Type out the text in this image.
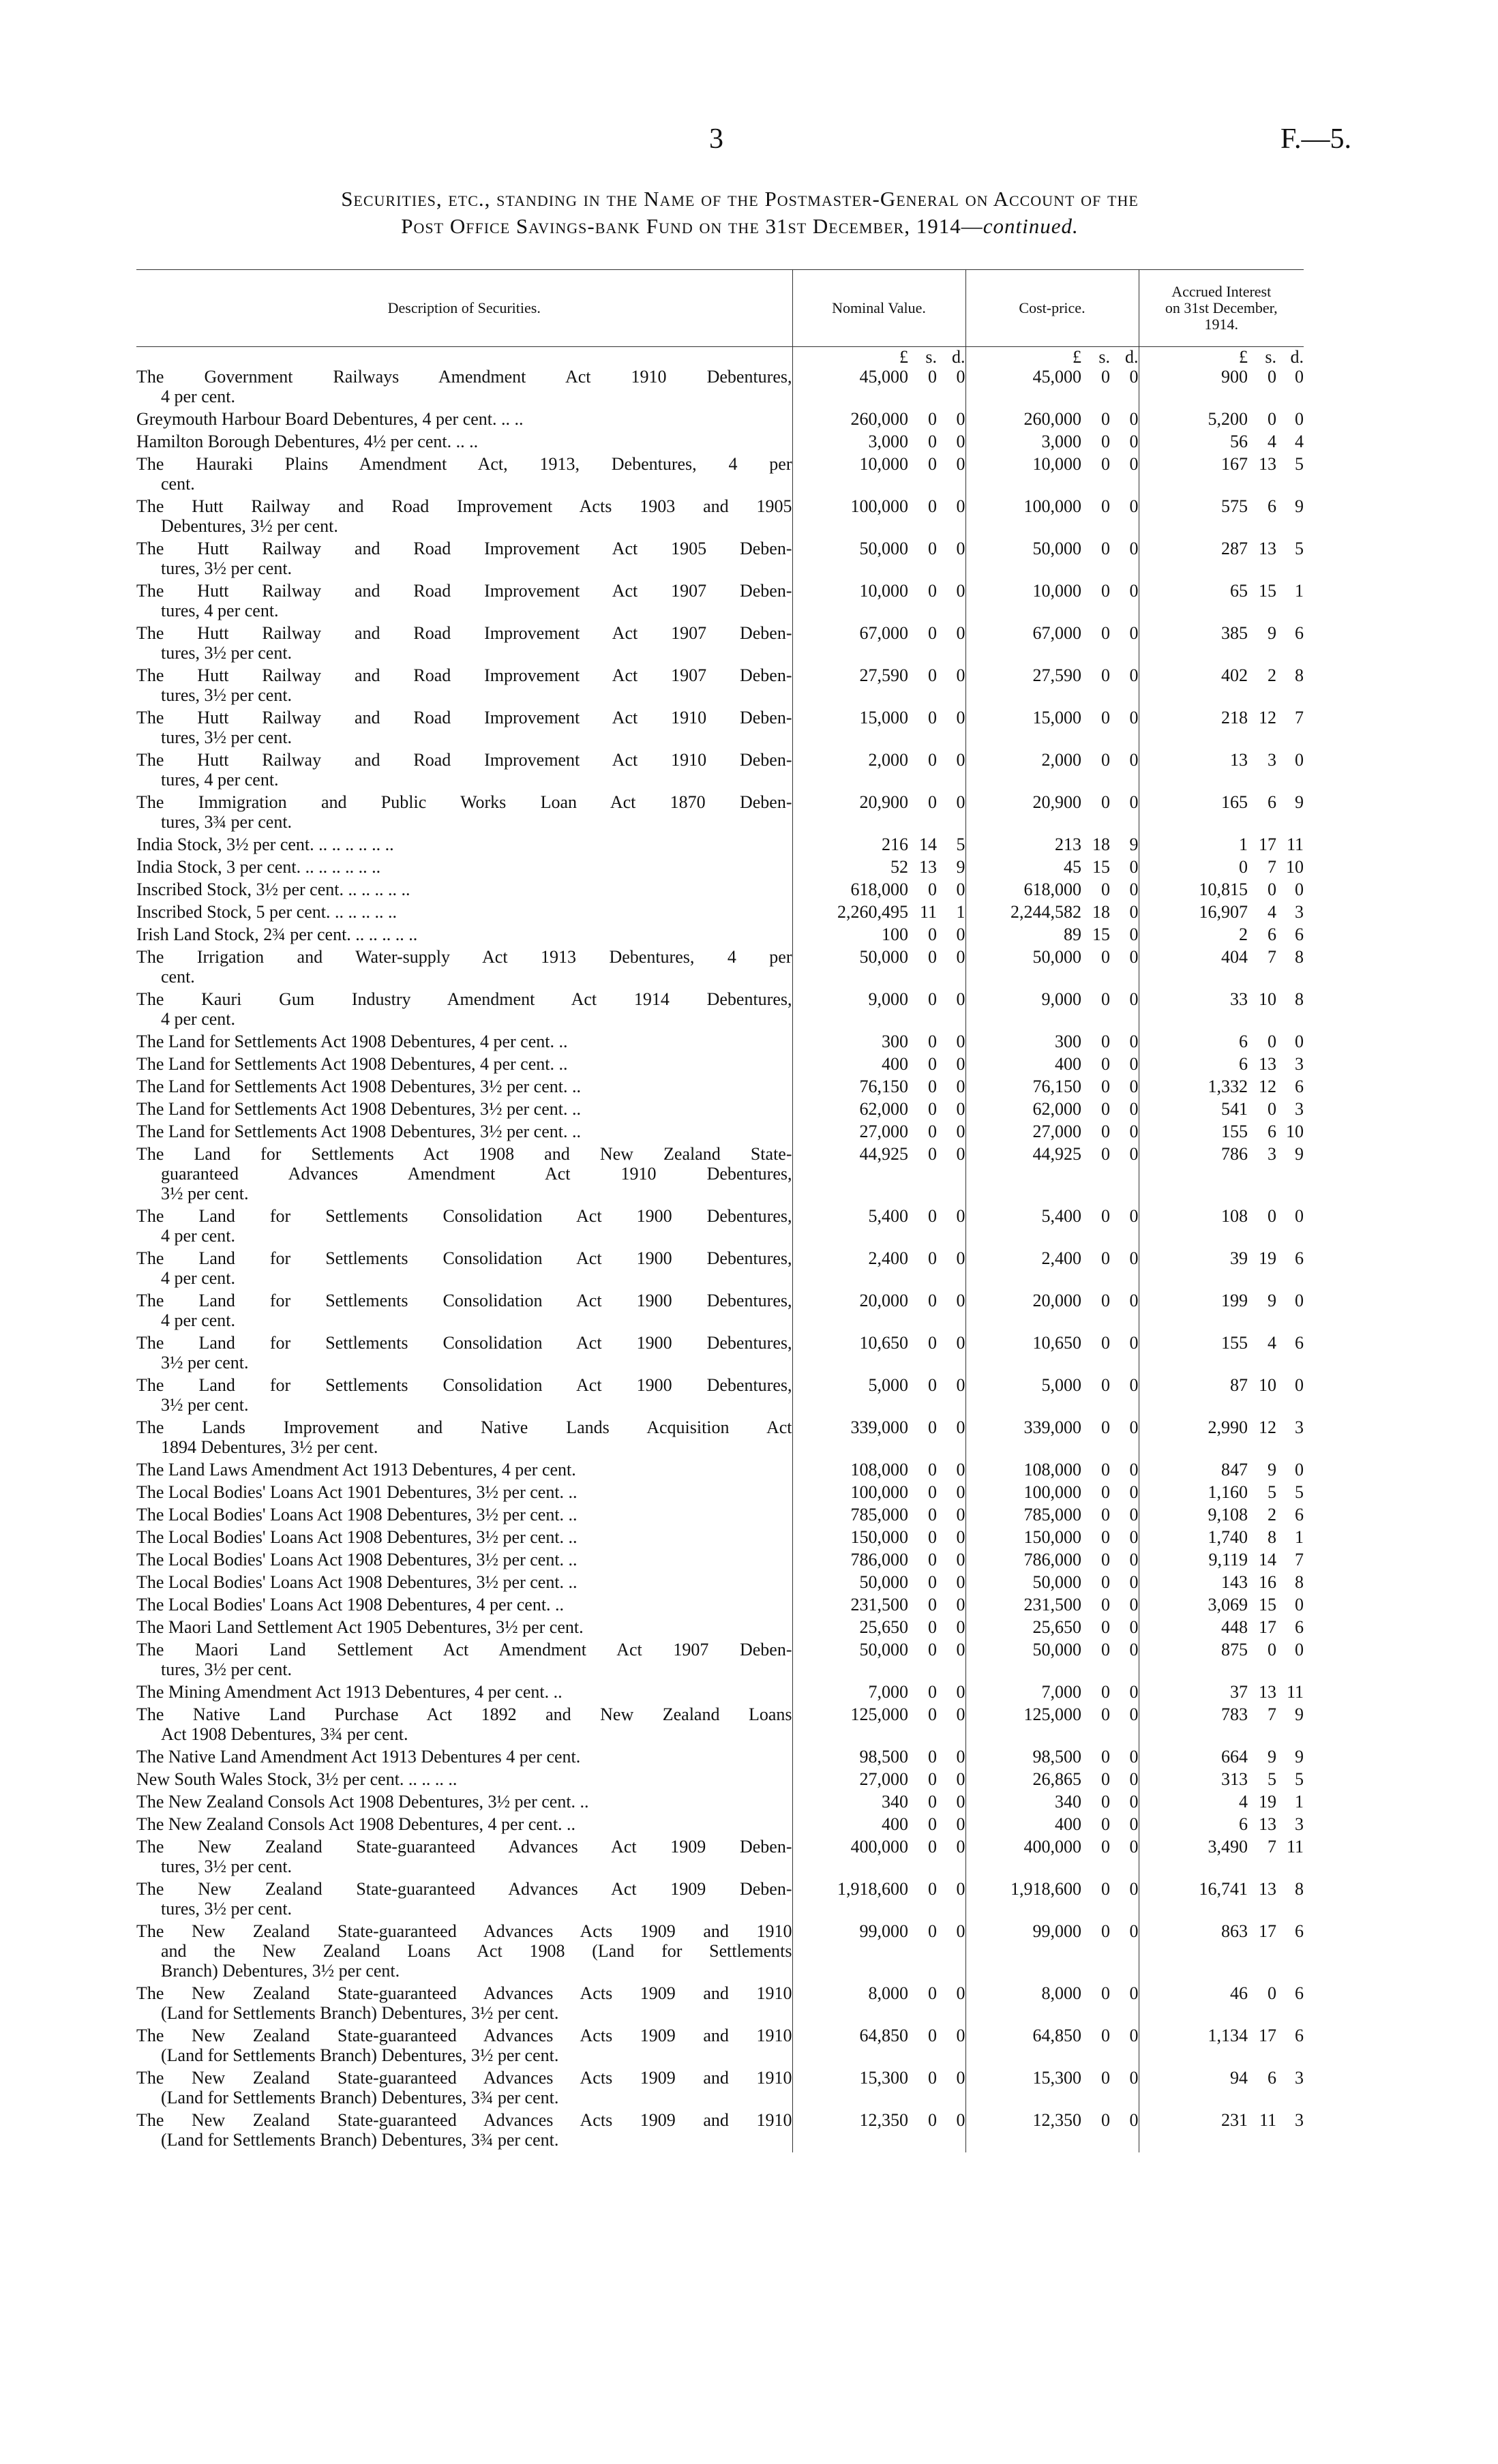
3	F.—5.
Securities, etc., standing in the Name of the Postmaster-General on Account of the
Post Office Savings-bank Fund on the 31st December, 1914—continued.
Description of Securities.	Nominal Value.			Cost-price.			Accrued Interest
on 31st December,
1914.		

	£	s.	d.	£	s.	d.	£	s.	d.

The Government Railways Amendment Act 1910 Debentures,
4 per cent.	45,000	0	0	45,000	0	0	900	0	0

Greymouth Harbour Board Debentures, 4 per cent. .. ..	260,000	0	0	260,000	0	0	5,200	0	0

Hamilton Borough Debentures, 4½ per cent. .. ..	3,000	0	0	3,000	0	0	56	4	4

The Hauraki Plains Amendment Act, 1913, Debentures, 4 per
cent.	10,000	0	0	10,000	0	0	167	13	5

The Hutt Railway and Road Improvement Acts 1903 and 1905
Debentures, 3½ per cent.	100,000	0	0	100,000	0	0	575	6	9

The Hutt Railway and Road Improvement Act 1905 Deben-
tures, 3½ per cent.	50,000	0	0	50,000	0	0	287	13	5

The Hutt Railway and Road Improvement Act 1907 Deben-
tures, 4 per cent.	10,000	0	0	10,000	0	0	65	15	1

The Hutt Railway and Road Improvement Act 1907 Deben-
tures, 3½ per cent.	67,000	0	0	67,000	0	0	385	9	6

The Hutt Railway and Road Improvement Act 1907 Deben-
tures, 3½ per cent.	27,590	0	0	27,590	0	0	402	2	8

The Hutt Railway and Road Improvement Act 1910 Deben-
tures, 3½ per cent.	15,000	0	0	15,000	0	0	218	12	7

The Hutt Railway and Road Improvement Act 1910 Deben-
tures, 4 per cent.	2,000	0	0	2,000	0	0	13	3	0

The Immigration and Public Works Loan Act 1870 Deben-
tures, 3¾ per cent.	20,900	0	0	20,900	0	0	165	6	9

India Stock, 3½ per cent. .. .. .. .. .. ..	216	14	5	213	18	9	1	17	11

India Stock, 3 per cent. .. .. .. .. .. ..	52	13	9	45	15	0	0	7	10

Inscribed Stock, 3½ per cent. .. .. .. .. ..	618,000	0	0	618,000	0	0	10,815	0	0

Inscribed Stock, 5 per cent. .. .. .. .. ..	2,260,495	11	1	2,244,582	18	0	16,907	4	3

Irish Land Stock, 2¾ per cent. .. .. .. .. ..	100	0	0	89	15	0	2	6	6

The Irrigation and Water-supply Act 1913 Debentures, 4 per
cent.	50,000	0	0	50,000	0	0	404	7	8

The Kauri Gum Industry Amendment Act 1914 Debentures,
4 per cent.	9,000	0	0	9,000	0	0	33	10	8

The Land for Settlements Act 1908 Debentures, 4 per cent. ..	300	0	0	300	0	0	6	0	0

The Land for Settlements Act 1908 Debentures, 4 per cent. ..	400	0	0	400	0	0	6	13	3

The Land for Settlements Act 1908 Debentures, 3½ per cent. ..	76,150	0	0	76,150	0	0	1,332	12	6

The Land for Settlements Act 1908 Debentures, 3½ per cent. ..	62,000	0	0	62,000	0	0	541	0	3

The Land for Settlements Act 1908 Debentures, 3½ per cent. ..	27,000	0	0	27,000	0	0	155	6	10

The Land for Settlements Act 1908 and New Zealand State-
guaranteed Advances Amendment Act 1910 Debentures,
3½ per cent.	44,925	0	0	44,925	0	0	786	3	9

The Land for Settlements Consolidation Act 1900 Debentures,
4 per cent.	5,400	0	0	5,400	0	0	108	0	0

The Land for Settlements Consolidation Act 1900 Debentures,
4 per cent.	2,400	0	0	2,400	0	0	39	19	6

The Land for Settlements Consolidation Act 1900 Debentures,
4 per cent.	20,000	0	0	20,000	0	0	199	9	0

The Land for Settlements Consolidation Act 1900 Debentures,
3½ per cent.	10,650	0	0	10,650	0	0	155	4	6

The Land for Settlements Consolidation Act 1900 Debentures,
3½ per cent.	5,000	0	0	5,000	0	0	87	10	0

The Lands Improvement and Native Lands Acquisition Act
1894 Debentures, 3½ per cent.	339,000	0	0	339,000	0	0	2,990	12	3

The Land Laws Amendment Act 1913 Debentures, 4 per cent.	108,000	0	0	108,000	0	0	847	9	0

The Local Bodies' Loans Act 1901 Debentures, 3½ per cent. ..	100,000	0	0	100,000	0	0	1,160	5	5

The Local Bodies' Loans Act 1908 Debentures, 3½ per cent. ..	785,000	0	0	785,000	0	0	9,108	2	6

The Local Bodies' Loans Act 1908 Debentures, 3½ per cent. ..	150,000	0	0	150,000	0	0	1,740	8	1

The Local Bodies' Loans Act 1908 Debentures, 3½ per cent. ..	786,000	0	0	786,000	0	0	9,119	14	7

The Local Bodies' Loans Act 1908 Debentures, 3½ per cent. ..	50,000	0	0	50,000	0	0	143	16	8

The Local Bodies' Loans Act 1908 Debentures, 4 per cent. ..	231,500	0	0	231,500	0	0	3,069	15	0

The Maori Land Settlement Act 1905 Debentures, 3½ per cent.	25,650	0	0	25,650	0	0	448	17	6

The Maori Land Settlement Act Amendment Act 1907 Deben-
tures, 3½ per cent.	50,000	0	0	50,000	0	0	875	0	0

The Mining Amendment Act 1913 Debentures, 4 per cent. ..	7,000	0	0	7,000	0	0	37	13	11

The Native Land Purchase Act 1892 and New Zealand Loans
Act 1908 Debentures, 3¾ per cent.	125,000	0	0	125,000	0	0	783	7	9

The Native Land Amendment Act 1913 Debentures 4 per cent.	98,500	0	0	98,500	0	0	664	9	9

New South Wales Stock, 3½ per cent. .. .. .. ..	27,000	0	0	26,865	0	0	313	5	5

The New Zealand Consols Act 1908 Debentures, 3½ per cent. ..	340	0	0	340	0	0	4	19	1

The New Zealand Consols Act 1908 Debentures, 4 per cent. ..	400	0	0	400	0	0	6	13	3

The New Zealand State-guaranteed Advances Act 1909 Deben-
tures, 3½ per cent.	400,000	0	0	400,000	0	0	3,490	7	11

The New Zealand State-guaranteed Advances Act 1909 Deben-
tures, 3½ per cent.	1,918,600	0	0	1,918,600	0	0	16,741	13	8

The New Zealand State-guaranteed Advances Acts 1909 and 1910
and the New Zealand Loans Act 1908 (Land for Settlements
Branch) Debentures, 3½ per cent.	99,000	0	0	99,000	0	0	863	17	6

The New Zealand State-guaranteed Advances Acts 1909 and 1910
(Land for Settlements Branch) Debentures, 3½ per cent.	8,000	0	0	8,000	0	0	46	0	6

The New Zealand State-guaranteed Advances Acts 1909 and 1910
(Land for Settlements Branch) Debentures, 3½ per cent.	64,850	0	0	64,850	0	0	1,134	17	6

The New Zealand State-guaranteed Advances Acts 1909 and 1910
(Land for Settlements Branch) Debentures, 3¾ per cent.	15,300	0	0	15,300	0	0	94	6	3

The New Zealand State-guaranteed Advances Acts 1909 and 1910
(Land for Settlements Branch) Debentures, 3¾ per cent.	12,350	0	0	12,350	0	0	231	11	3
